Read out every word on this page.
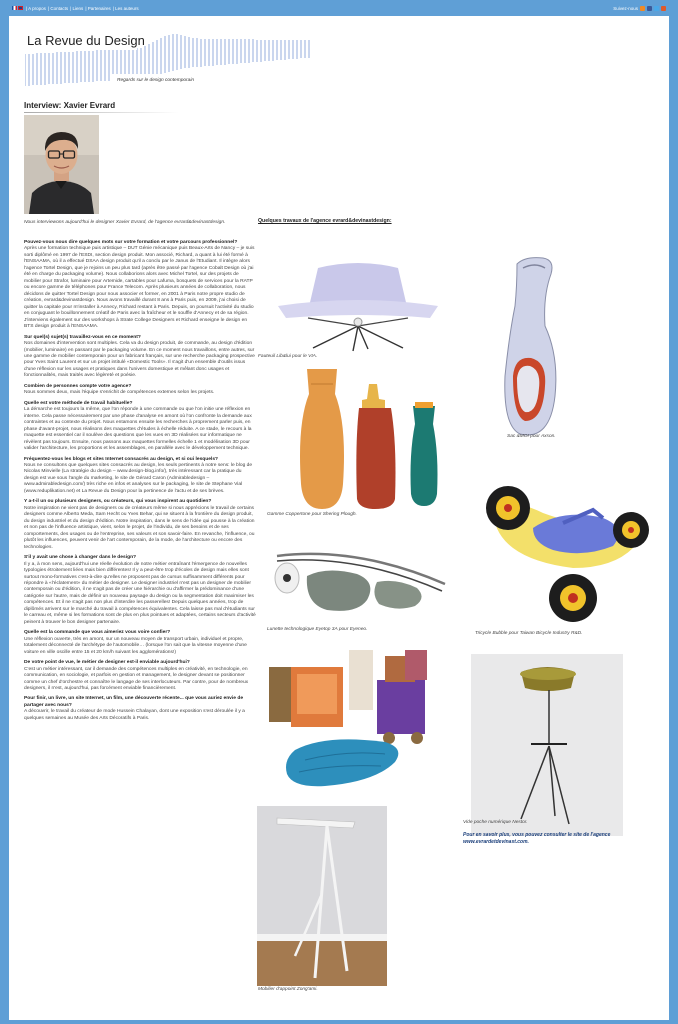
| A propos | Contacts | Liens | Partenaires | Les auteurs	Suivez-nous
La Revue du Design
Regards sur le design contemporain
Interview: Xavier Evrard

Nous interviewons aujourd'hui le designer Xavier Evrard, de l'agence evrard&devinastdesign.

Pouvez-vous nous dire quelques mots sur votre formation et votre parcours professionnel?

Après une formation technique puis artistique – DUT Génie mécanique puis Beaux-Arts de Nancy – je suis sorti diplômé en 1997 de l'ESDI, section design produit. Mon associé, Richard, a quant à lui été formé à l'ENSAAMA, où il a effectué DSAA design produit qu'il a conclu par le Janus de l'Etudiant. Il intègre alors l'agence Tortel Design, que je rejoins un peu plus tard (après être passé par l'agence Cobalt Design où j'ai été en charge du packaging volume). Nous collaborions alors avec Michel Tortel, sur des projets de mobilier pour Strafor, luminaire pour Artemide, cartables pour Lafuma, bosquets de services pour la RATP ou encore gamme de téléphones pour France Telecom. Après plusieurs années de collaboration, nous décidons de quitter Tortel Design pour nous associer et former, en 2001 à Paris notre propre studio de création, evrard&devinastdesign. Nous avons travaillé durant 8 ans à Paris puis, en 2009, j'ai choisi de quitter la capitale pour m'installer à Annecy, Richard restant à Paris. Depuis, on poursuit l'activité du studio en conjuguant le bouillonnement créatif de Paris avec la fraîcheur et le souffle d'Annecy et de sa région. J'interviens également sur des workshops à Strate College Designers et Richard enseigne le design en BTS design produit à l'ENSAAMA.

Sur quel(s) sujet(s) travaillez-vous en ce moment?

Nos domaines d'intervention sont multiples. Cela va du design produit, de commande, au design d'édition (mobilier, luminaire) en passant par le packaging volume. En ce moment nous travaillons, entre autres, sur une gamme de mobilier contemporain pour un fabricant français, sur une recherche packaging prospective pour Yves Saint Laurent et sur un projet intitulé «Domestic Tools». Il s'agit d'un ensemble d'outils issus d'une réflexion sur les usages et pratiques dans l'univers domestique et mêlant donc usages et fonctionnalités, mais traités avec légèreté et poésie.

Combien de personnes compte votre agence?

Nous sommes deux, mais l'équipe s'enrichit de compétences externes selon les projets.

Quelle est votre méthode de travail habituelle?

La démarche est toujours la même, que l'on réponde à une commande ou que l'on initie une réflexion en interne. Cela passe nécessairement par une phase d'analyse en amont où l'on confronte la demande aux contraintes et au contexte du projet. Nous entamons ensuite les recherches à proprement parler puis, en phase d'avant-projet, nous réalisons des maquettes d'études à échelle réduite. A ce stade, le recours à la maquette est essentiel car il soulève des questions que les vues en 3D réalisées sur informatique ne révèlent pas toujours. Ensuite, nous passons aux maquettes formelles échelle 1 et modélisation 3D pour valider l'architecture, les proportions et les assemblages, en parallèle avec le développement technique.

Fréquentez-vous les blogs et sites Internet consacrés au design, et si oui lesquels?

Nous ne consultons que quelques sites consacrés au design, les seuls pertinents à notre sens: le blog de Nicolas Minvielle (La stratégie du design – www.design-blog.info/), très intéressant car la pratique du design est vue sous l'angle du marketing, le site de Gérard Caron (Admirabledesign – www.admirabledesign.com/) très riche en infos et analyses sur le packaging, le site de Stephane Vial (www.reduplikation.net) et La Revue du Design pour la pertinence de l'actu et de ses brèves.

Y a-t-il un ou plusieurs designers, ou créateurs, qui vous inspirent au quotidien?

Notre inspiration ne vient pas de designers ou de créateurs même si nous apprécions le travail de certains designers comme Alberto Meda, Sam Hecht ou Yves Behar, qui se situent à la frontière du design produit, du design industriel et du design d'édition. Notre inspiration, dans le sens de l'idée qui pousse à la création et non pas de l'influence artistique, vient, selon le projet, de l'individu, de ses besoins et de ses comportements, des usages ou de l'entreprise, ses valeurs et son savoir-faire. En revanche, l'influence, ou plutôt les influences, peuvent venir de l'art contemporain, de la mode, de l'architecture ou encore des technologies.

S'il y avait une chose à changer dans le design?

Il y a, à mon sens, aujourd'hui une réelle évolution de notre métier entraînant l'émergence de nouvelles typologies étroitement liées mais bien différentes! Il y a peut-être trop d'écoles de design mais elles sont surtout mono-formatives c'est-à-dire qu'elles ne proposent pas de cursus suffisamment différents pour répondre à «l'éclatement» du métier de designer. Le designer industriel n'est pas un designer de mobilier contemporain ou d'édition, il ne s'agit pas de créer une hiérarchie ou d'affirmer la prédominance d'une catégorie sur l'autre, mais de définir un nouveau paysage du design ou la segmentation doit maximiser les compétences. Et il ne s'agit pas non plus d'interdire les passerelles! Depuis quelques années, trop de diplômés arrivent sur le marché du travail à compétences équivalentes. Cela laisse pas mal d'étudiants sur le carreau et, même si les formations sont de plus en plus pointues et adaptées, certains secteurs d'activité peinent à trouver le bon designer partenaire.

Quelle est la commande que vous aimeriez vous voire confier?

Une réflexion ouverte, très en amont, sur un nouveau moyen de transport urbain, individuel et propre, totalement déconnecté de l'archétype de l'automobile… (lorsque l'on sait que la vitesse moyenne d'une voiture en ville oscille entre 15 et 20 km/h suivant les agglomérations!)

De votre point de vue, le métier de designer est-il enviable aujourd'hui?

C'est un métier intéressant, car il demande des compétences multiples en créativité, en technologie, en communication, en sociologie, et parfois en gestion et management, le designer devant se positionner comme un chef d'orchestre et connaître le langage de ses interlocuteurs. Par contre, pour de nombreux designers, il n'est, aujourd'hui, pas forcément enviable financièrement.

Pour finir, un livre, un site Internet, un film, une découverte récente... que vous auriez envie de partager avec nous?

A découvrir, le travail du créateur de mode Hussein Chalayan, dont une exposition s'est déroulée il y a quelques semaines au Musée des Arts Décoratifs à Paris.

Quelques travaux de l'agence evrard&devinastdesign:
Fauteuil Lib&lui pour le VIA.
Sac &MOI pour Axson.
Gamme Coppertone pour Shering Plough.
Tricycle Bubble pour Taiwan Bicycle Industry R&D.
Lunette technologique Eyetop 3A pour Eyeneo.
Vide poche numérique Nestor.
Pour en savoir plus, vous pouvez consulter le site de l'agence www.evrardetdevinast.com.
Mobilier d'appoint Zong'ami.
